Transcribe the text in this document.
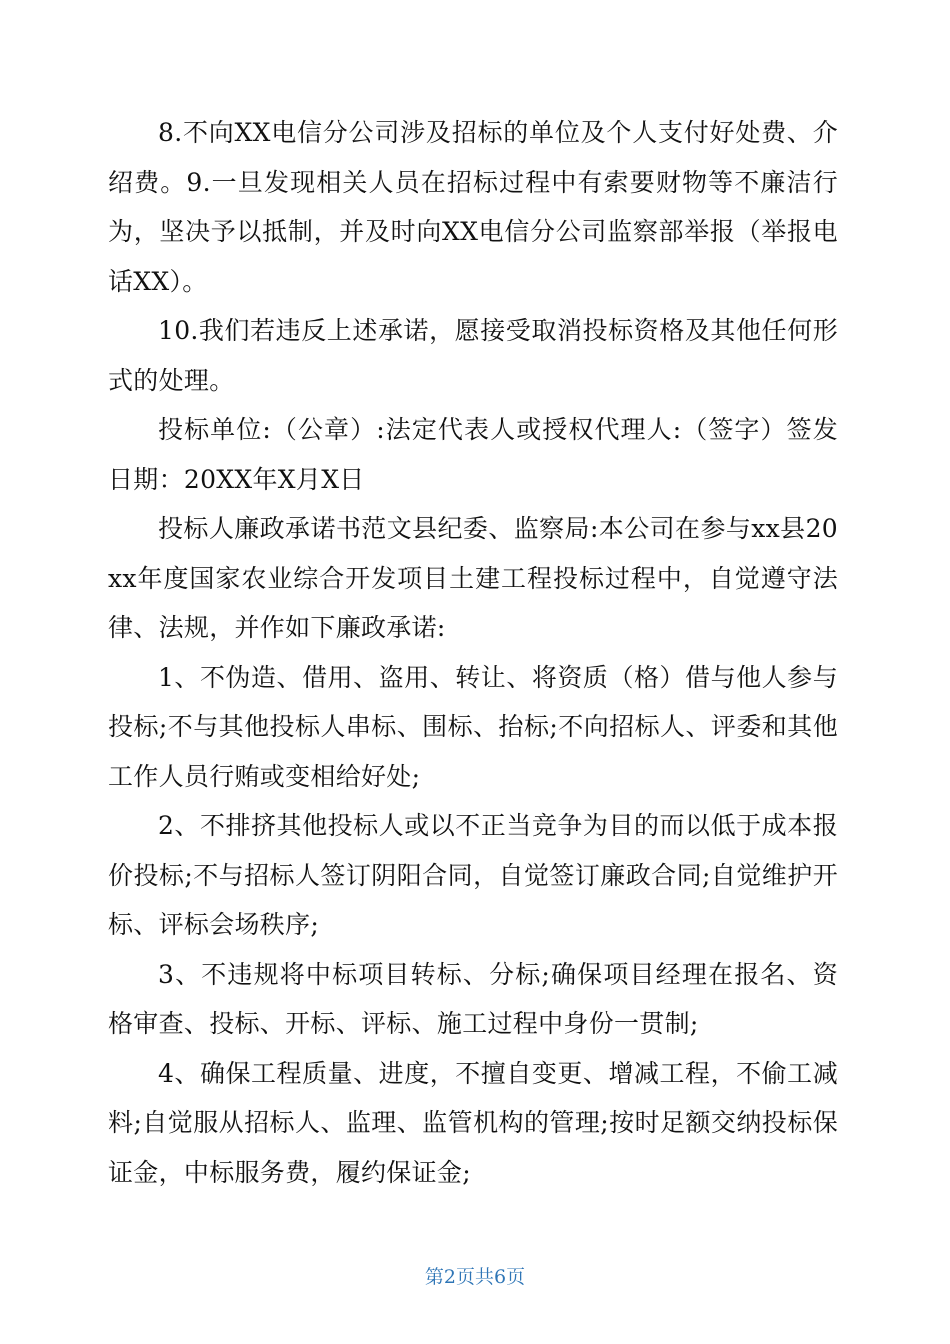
8.不向XX电信分公司涉及招标的单位及个人支付好处费、介绍费。9.一旦发现相关人员在招标过程中有索要财物等不廉洁行为，坚决予以抵制，并及时向XX电信分公司监察部举报（举报电话XX）。

10.我们若违反上述承诺，愿接受取消投标资格及其他任何形式的处理。

投标单位:（公章）:法定代表人或授权代理人:（签字）签发日期：20XX年X月X日

投标人廉政承诺书范文县纪委、监察局:本公司在参与xx县20xx年度国家农业综合开发项目土建工程投标过程中，自觉遵守法律、法规，并作如下廉政承诺:

1、不伪造、借用、盗用、转让、将资质（格）借与他人参与投标;不与其他投标人串标、围标、抬标;不向招标人、评委和其他工作人员行贿或变相给好处;

2、不排挤其他投标人或以不正当竞争为目的而以低于成本报价投标;不与招标人签订阴阳合同，自觉签订廉政合同;自觉维护开标、评标会场秩序;

3、不违规将中标项目转标、分标;确保项目经理在报名、资格审查、投标、开标、评标、施工过程中身份一贯制;

4、确保工程质量、进度，不擅自变更、增减工程，不偷工减料;自觉服从招标人、监理、监管机构的管理;按时足额交纳投标保证金，中标服务费，履约保证金;

第2页共6页
